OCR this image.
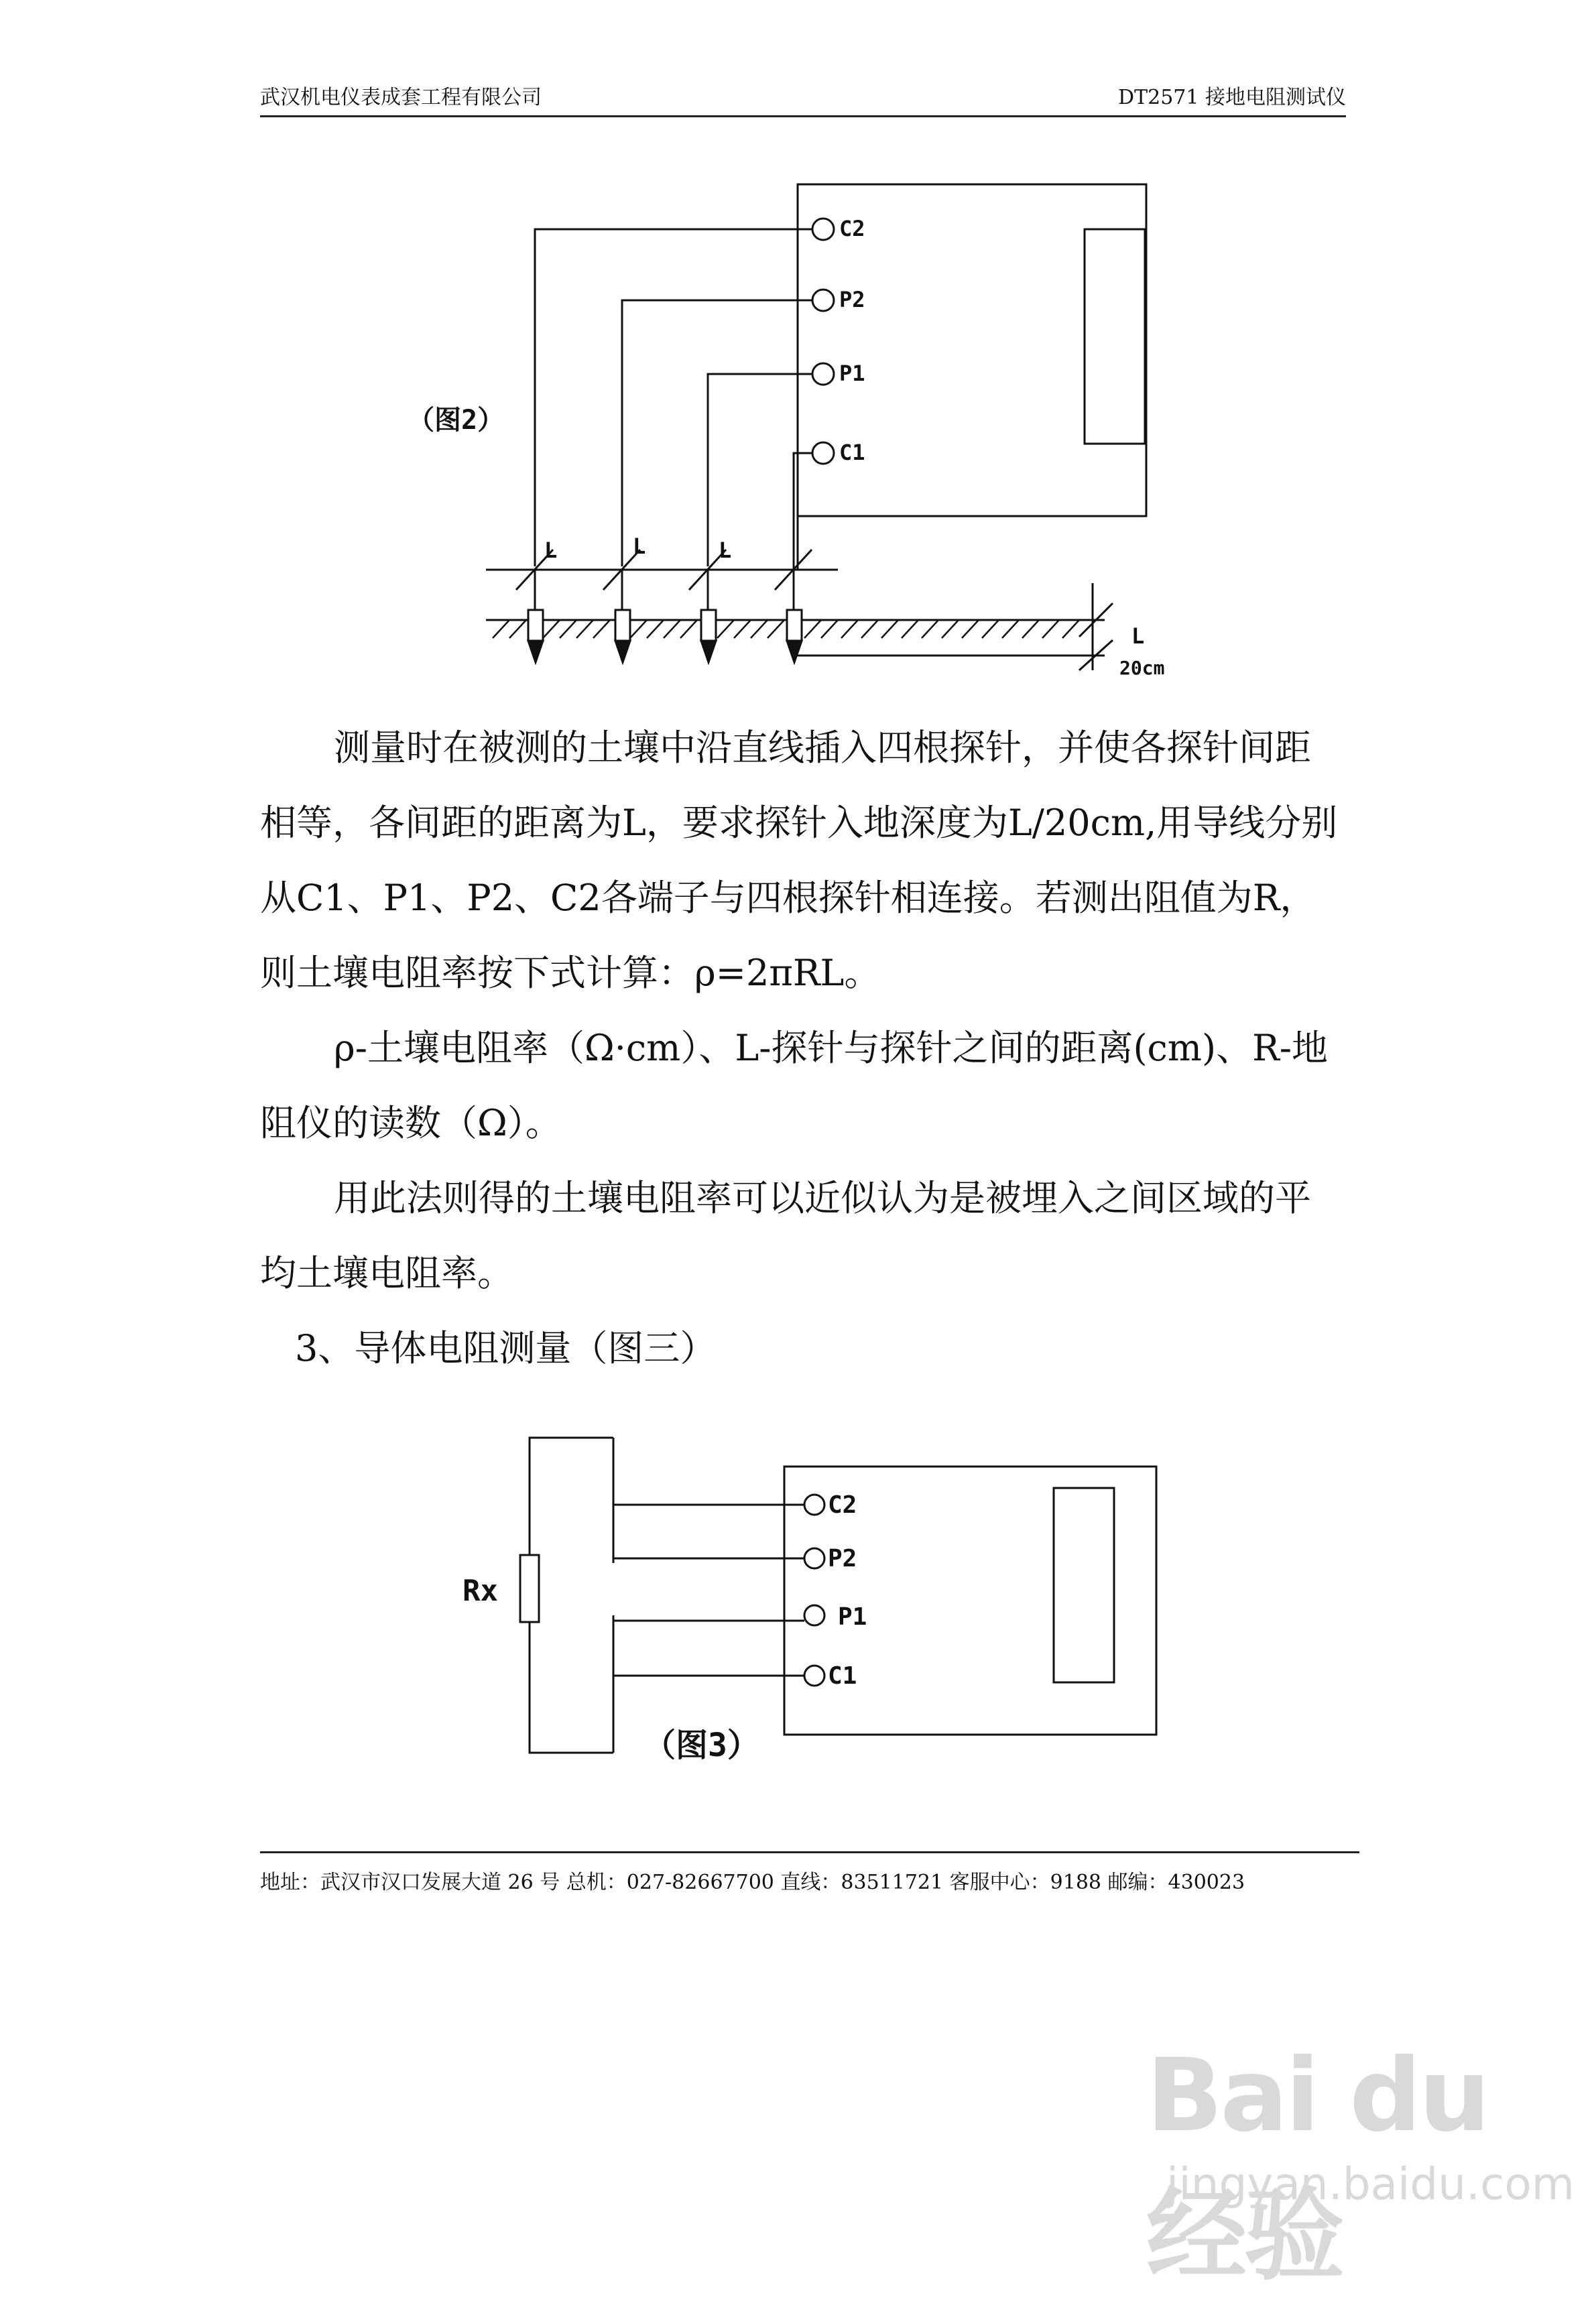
武汉机电仪表成套工程有限公司	DT2571 接地电阻测试仪
（图2）
C2
P2
P1
C1
L	L	L
L
20cm

测量时在被测的土壤中沿直线插入四根探针，并使各探针间距相等，各间距的距离为L，要求探针入地深度为L/20cm,用导线分别从C1、P1、P2、C2各端子与四根探针相连接。若测出阻值为R，则土壤电阻率按下式计算：ρ=2πRL。

ρ-土壤电阻率（Ω·cm）、L-探针与探针之间的距离(cm)、R-地阻仪的读数（Ω）。

用此法则得的土壤电阻率可以近似认为是被埋入之间区域的平均土壤电阻率。

3、导体电阻测量（图三）

Rx
C2
P2
P1
C1
（图3）
地址：武汉市汉口发展大道 26 号 总机：027-82667700 直线：83511721 客服中心：9188 邮编：430023
Bai du 经验
jingyan.baidu.com
